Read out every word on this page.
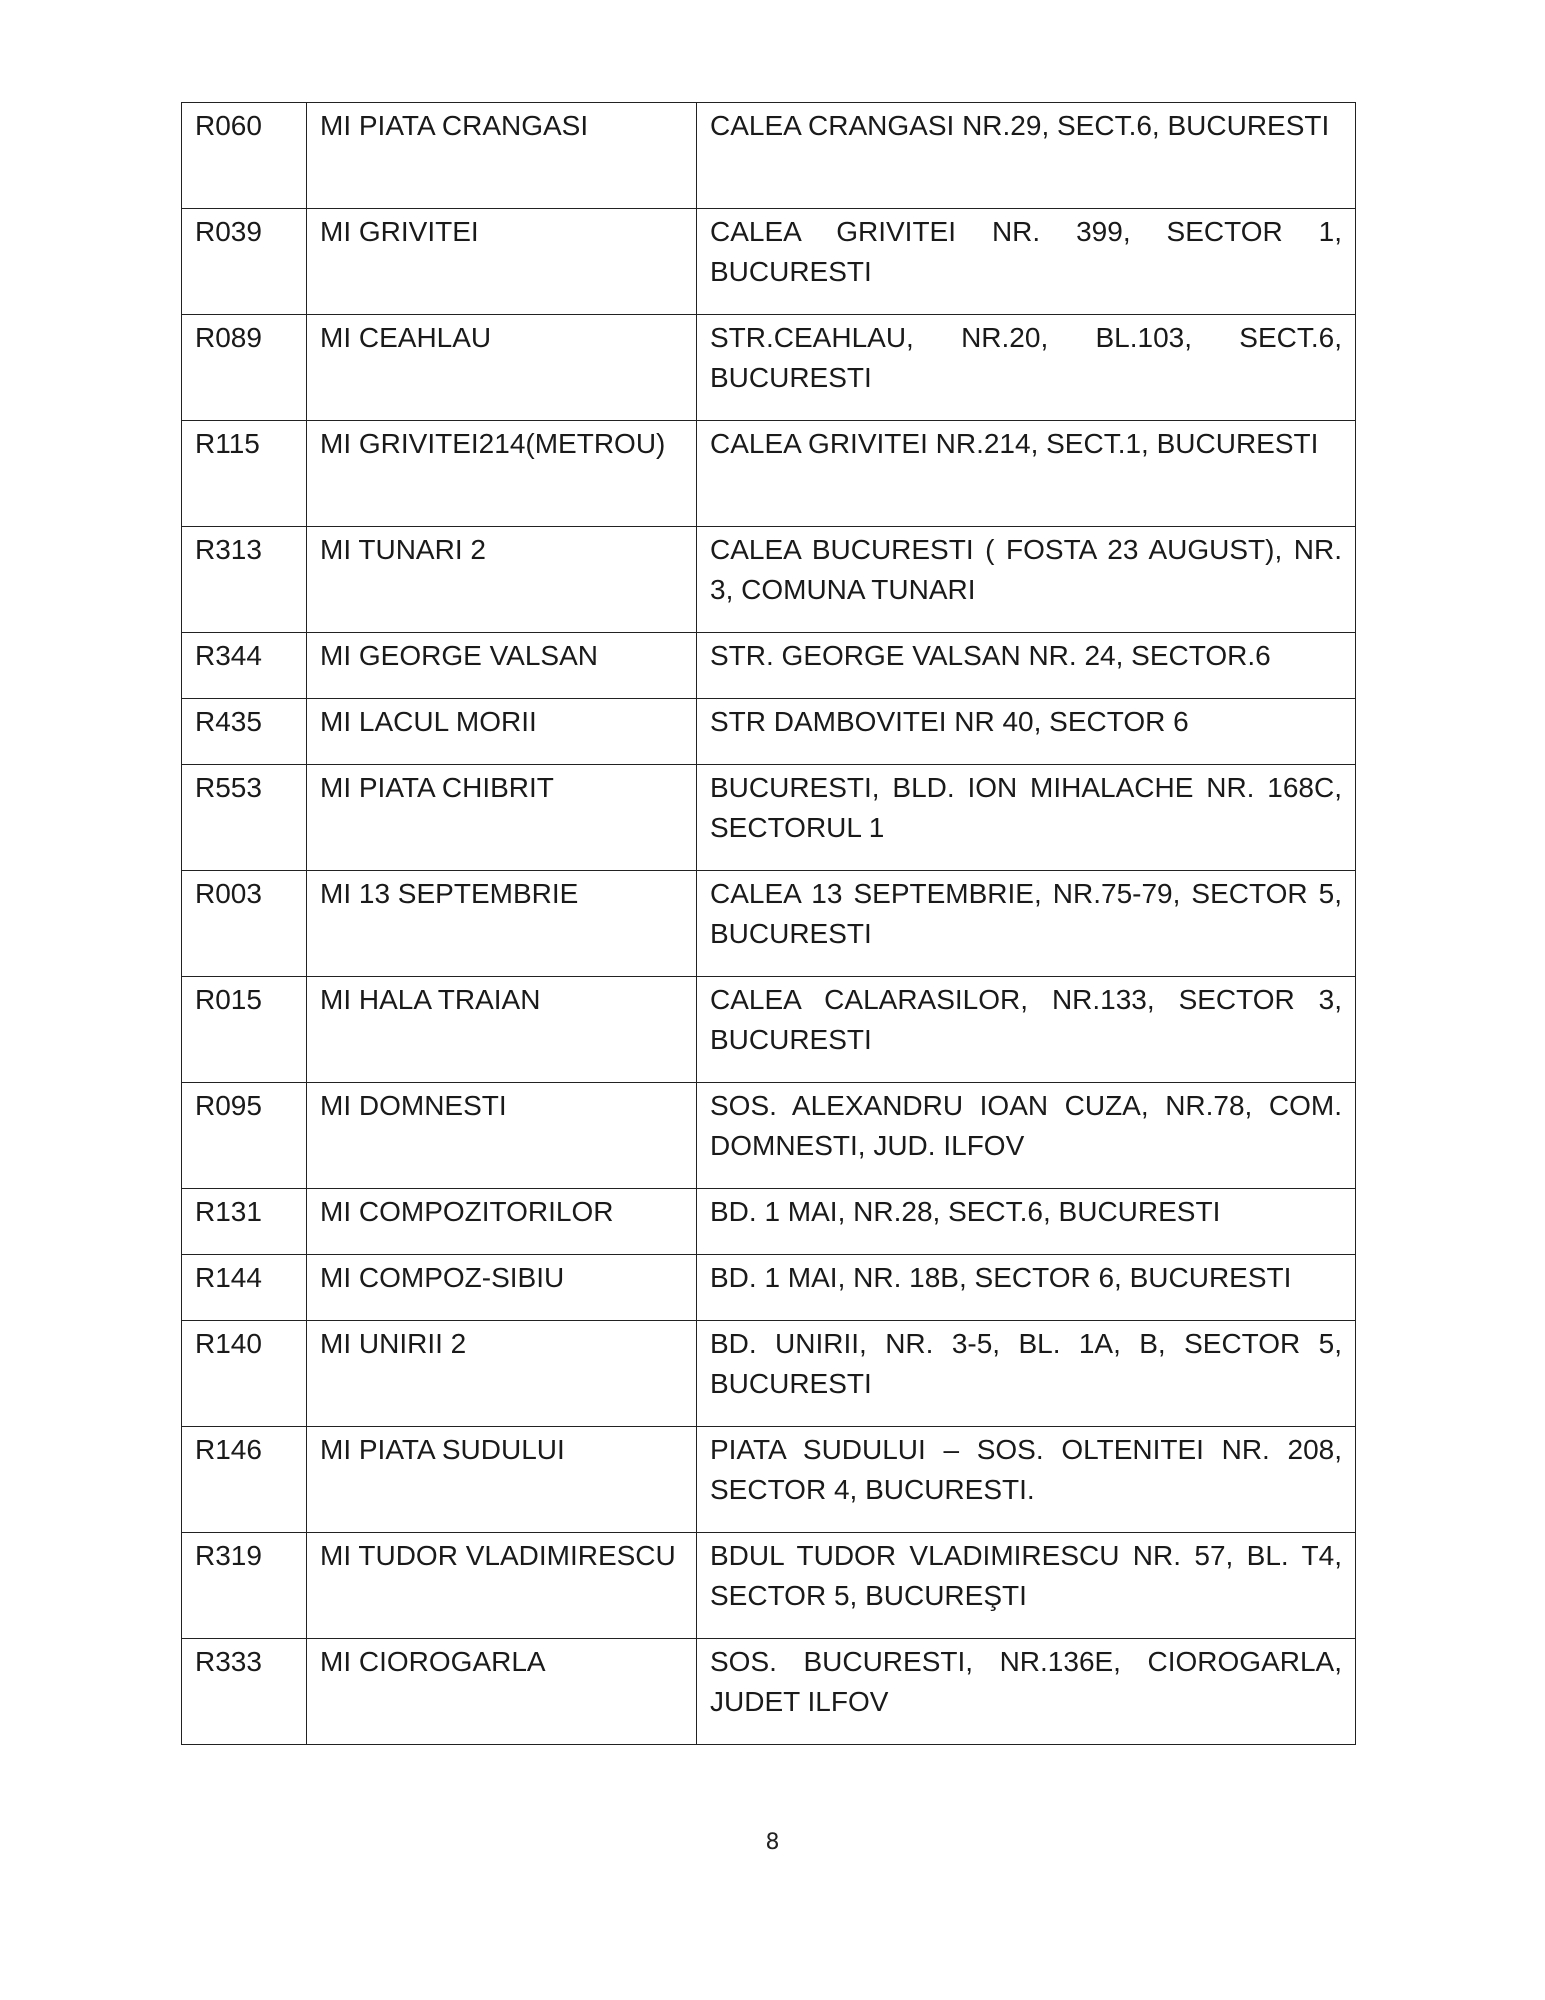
R060	MI PIATA CRANGASI	CALEA CRANGASI NR.29, SECT.6, BUCURESTI
R039	MI GRIVITEI	CALEA GRIVITEI NR. 399, SECTOR 1, BUCURESTI
R089	MI CEAHLAU	STR.CEAHLAU, NR.20, BL.103, SECT.6, BUCURESTI
R115	MI GRIVITEI214(METROU)	CALEA GRIVITEI NR.214, SECT.1, BUCURESTI
R313	MI TUNARI 2	CALEA BUCURESTI ( FOSTA 23 AUGUST), NR. 3, COMUNA TUNARI
R344	MI GEORGE VALSAN	STR. GEORGE VALSAN NR. 24, SECTOR.6
R435	MI LACUL MORII	STR DAMBOVITEI NR 40, SECTOR 6
R553	MI PIATA CHIBRIT	BUCURESTI, BLD. ION MIHALACHE NR. 168C, SECTORUL 1
R003	MI 13 SEPTEMBRIE	CALEA 13 SEPTEMBRIE, NR.75-79, SECTOR 5, BUCURESTI
R015	MI HALA TRAIAN	CALEA CALARASILOR, NR.133, SECTOR 3, BUCURESTI
R095	MI DOMNESTI	SOS. ALEXANDRU IOAN CUZA, NR.78, COM. DOMNESTI, JUD. ILFOV
R131	MI COMPOZITORILOR	BD. 1 MAI, NR.28, SECT.6, BUCURESTI
R144	MI COMPOZ-SIBIU	BD. 1 MAI, NR. 18B, SECTOR 6, BUCURESTI
R140	MI UNIRII 2	BD. UNIRII, NR. 3-5, BL. 1A, B, SECTOR 5, BUCURESTI
R146	MI PIATA SUDULUI	PIATA SUDULUI – SOS. OLTENITEI NR. 208, SECTOR 4, BUCURESTI.
R319	MI TUDOR VLADIMIRESCU	BDUL TUDOR VLADIMIRESCU NR. 57, BL. T4, SECTOR 5, BUCUREŞTI
R333	MI CIOROGARLA	SOS. BUCURESTI, NR.136E, CIOROGARLA, JUDET ILFOV
8
